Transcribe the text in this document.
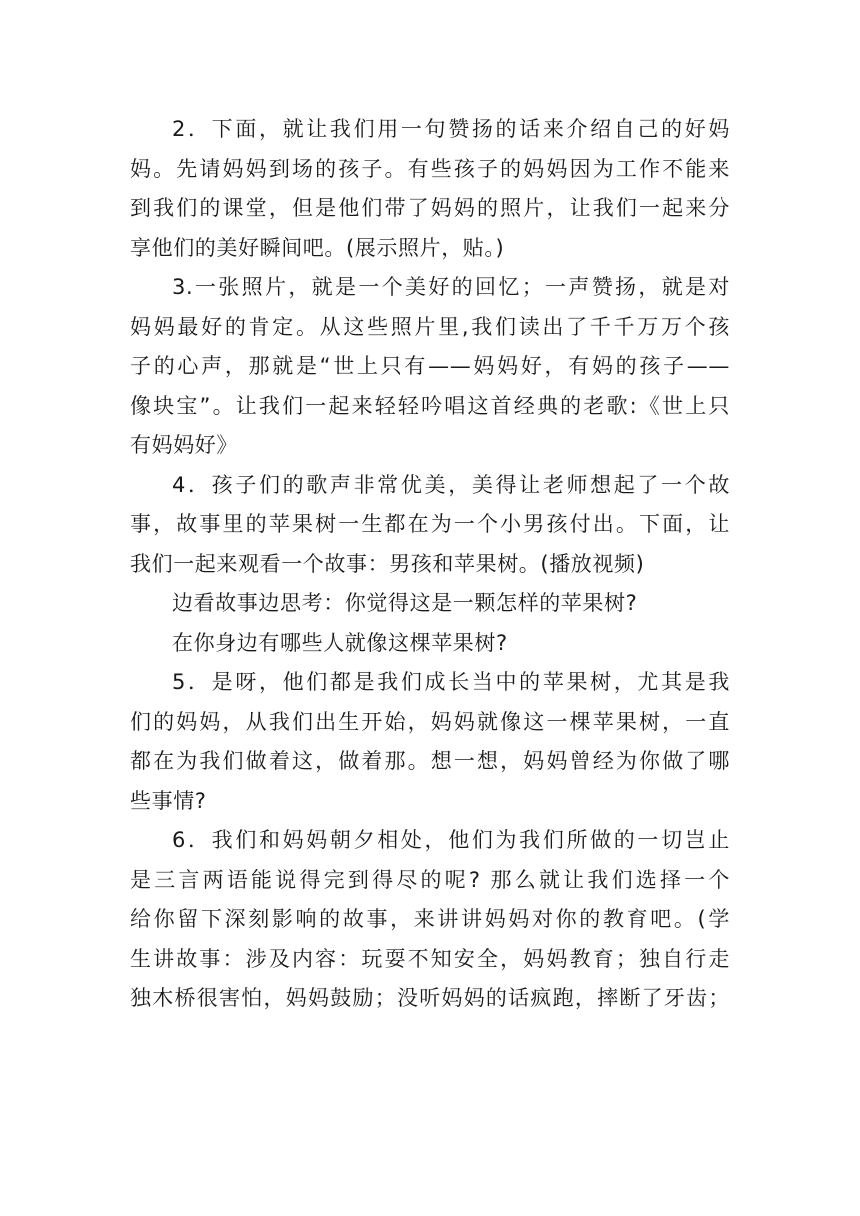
2．下面，就让我们用一句赞扬的话来介绍自己的好妈
妈。先请妈妈到场的孩子。有些孩子的妈妈因为工作不能来
到我们的课堂，但是他们带了妈妈的照片，让我们一起来分
享他们的美好瞬间吧。(展示照片，贴。)
3.一张照片，就是一个美好的回忆；一声赞扬，就是对
妈妈最好的肯定。从这些照片里,我们读出了千千万万个孩
子的心声，那就是“世上只有——妈妈好，有妈的孩子——
像块宝”。让我们一起来轻轻吟唱这首经典的老歌:《世上只
有妈妈好》
4．孩子们的歌声非常优美，美得让老师想起了一个故
事，故事里的苹果树一生都在为一个小男孩付出。下面，让
我们一起来观看一个故事：男孩和苹果树。(播放视频)
边看故事边思考：你觉得这是一颗怎样的苹果树?
在你身边有哪些人就像这棵苹果树?
5．是呀，他们都是我们成长当中的苹果树，尤其是我
们的妈妈，从我们出生开始，妈妈就像这一棵苹果树，一直
都在为我们做着这，做着那。想一想，妈妈曾经为你做了哪
些事情?
6．我们和妈妈朝夕相处，他们为我们所做的一切岂止
是三言两语能说得完到得尽的呢? 那么就让我们选择一个
给你留下深刻影响的故事，来讲讲妈妈对你的教育吧。(学
生讲故事：涉及内容：玩耍不知安全，妈妈教育；独自行走
独木桥很害怕，妈妈鼓励；没听妈妈的话疯跑，摔断了牙齿；
